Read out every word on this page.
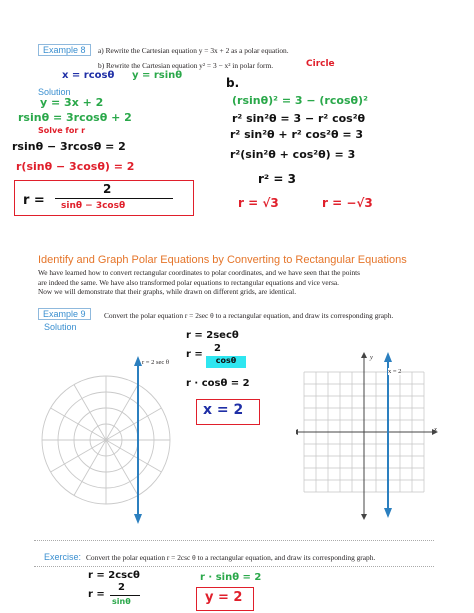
Example 8	a) Rewrite the Cartesian equation y = 3x + 2 as a polar equation.
b) Rewrite the Cartesian equation y² = 3 − x² in polar form.	Circle
x = rcosθ y = rsinθ
Solution
y = 3x + 2
rsinθ = 3rcosθ + 2
Solve for r
rsinθ − 3rcosθ = 2
r(sinθ − 3cosθ) = 2
r =
2
sinθ − 3cosθ
b.
(rsinθ)² = 3 − (rcosθ)²
r² sin²θ = 3 − r² cos²θ
r² sin²θ + r² cos²θ = 3
r²(sin²θ + cos²θ) = 3
r² = 3
r = √3	r = −√3
Identify and Graph Polar Equations by Converting to Rectangular Equations
We have learned how to convert rectangular coordinates to polar coordinates, and we have seen that the points
are indeed the same. We have also transformed polar equations to rectangular equations and vice versa.
Now we will demonstrate that their graphs, while drawn on different grids, are identical.
Example 9	Convert the polar equation r = 2sec θ to a rectangular equation, and draw its corresponding graph.
Solution
r = 2 sec θ
r = 2secθ
r =
2
cosθ
r · cosθ = 2
x = 2
y
x
x = 2
Exercise: Convert the polar equation r = 2csc θ to a rectangular equation, and draw its corresponding graph.
r = 2cscθ
r =
2
sinθ
r · sinθ = 2
y = 2
